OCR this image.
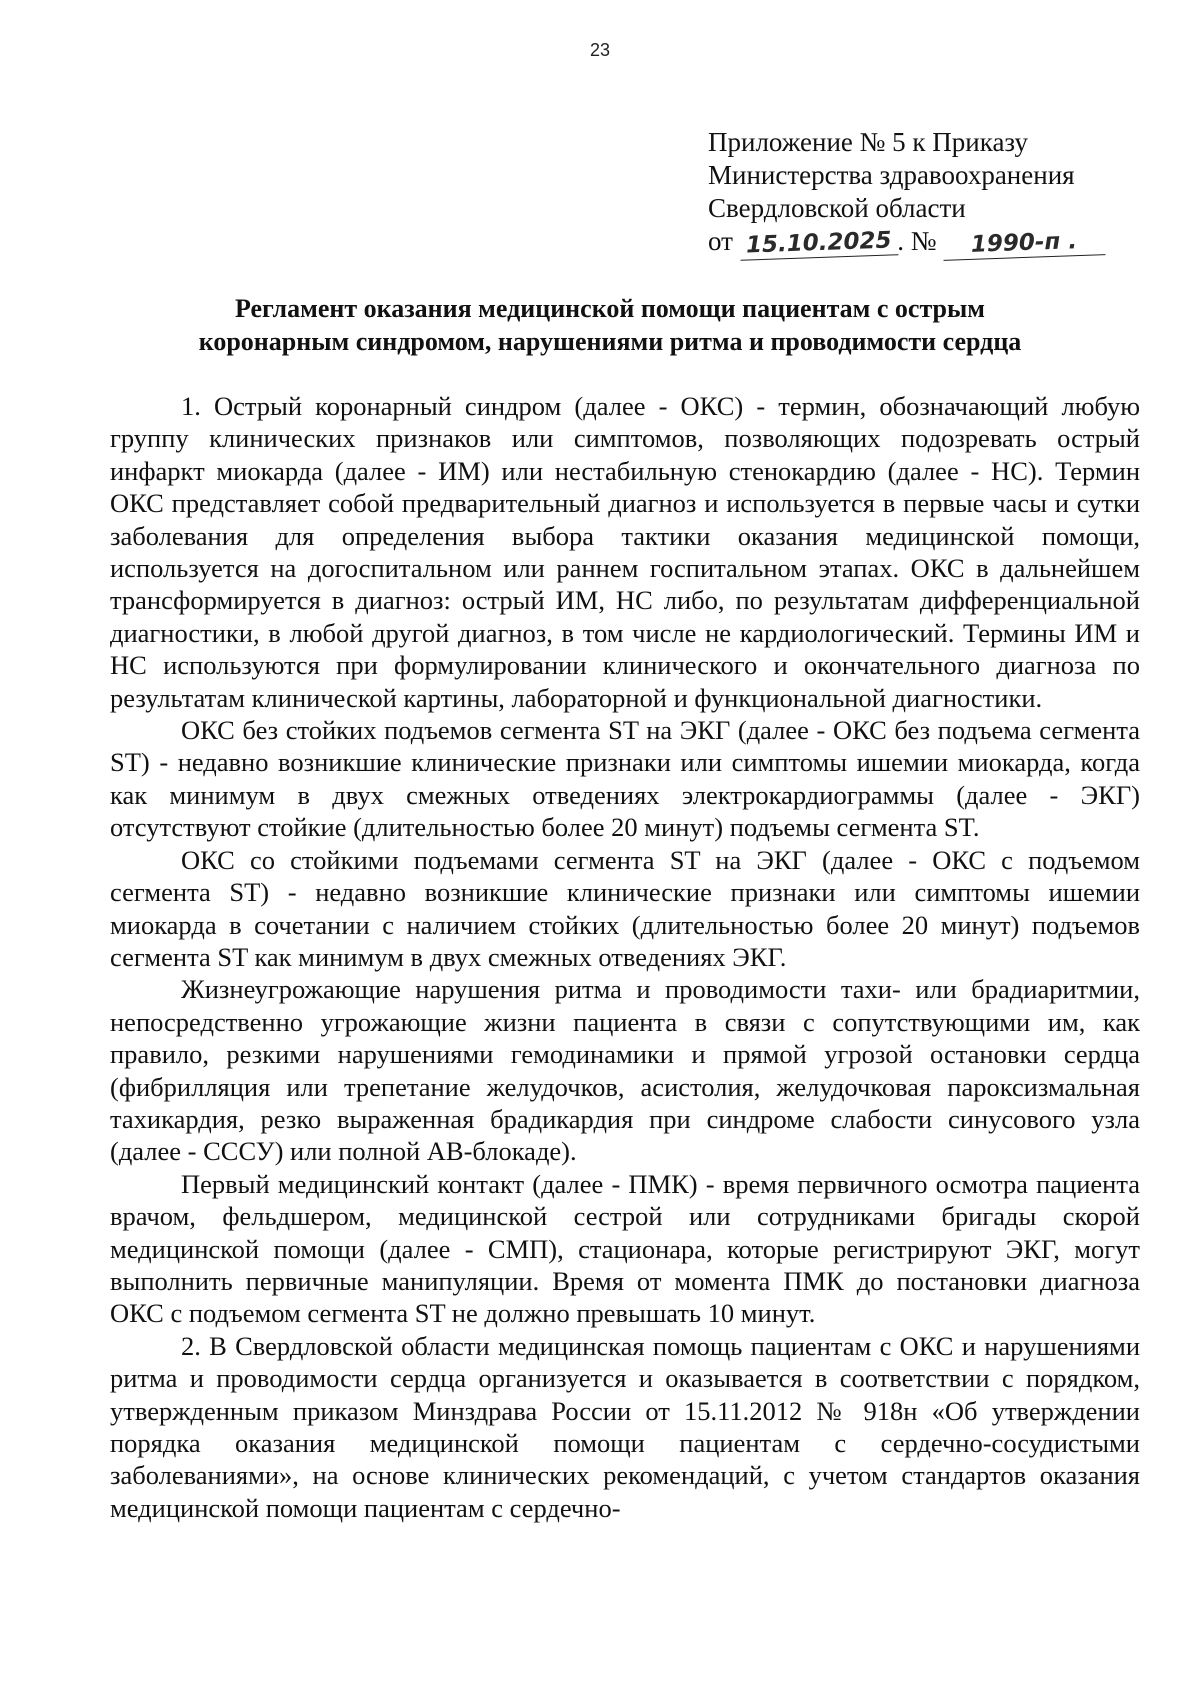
23
Приложение № 5 к Приказу
Министерства здравоохранения
Свердловской области
от 15.10.2025 . № 1990-п .
Регламент оказания медицинской помощи пациентам с острым
коронарным синдромом, нарушениями ритма и проводимости сердца

1. Острый коронарный синдром (далее - ОКС) - термин, обозначающий любую группу клинических признаков или симптомов, позволяющих подозревать острый инфаркт миокарда (далее - ИМ) или нестабильную стенокардию (далее - НС). Термин ОКС представляет собой предварительный диагноз и используется в первые часы и сутки заболевания для определения выбора тактики оказания медицинской помощи, используется на догоспитальном или раннем госпитальном этапах. ОКС в дальнейшем трансформируется в диагноз: острый ИМ, НС либо, по результатам дифференциальной диагностики, в любой другой диагноз, в том числе не кардиологический. Термины ИМ и НС используются при формулировании клинического и окончательного диагноза по результатам клинической картины, лабораторной и функциональной диагностики.

ОКС без стойких подъемов сегмента ST на ЭКГ (далее - ОКС без подъема сегмента ST) - недавно возникшие клинические признаки или симптомы ишемии миокарда, когда как минимум в двух смежных отведениях электрокардиограммы (далее - ЭКГ) отсутствуют стойкие (длительностью более 20 минут) подъемы сегмента ST.

ОКС со стойкими подъемами сегмента ST на ЭКГ (далее - ОКС с подъемом сегмента ST) - недавно возникшие клинические признаки или симптомы ишемии миокарда в сочетании с наличием стойких (длительностью более 20 минут) подъемов сегмента ST как минимум в двух смежных отведениях ЭКГ.

Жизнеугрожающие нарушения ритма и проводимости тахи- или брадиаритмии, непосредственно угрожающие жизни пациента в связи с сопутствующими им, как правило, резкими нарушениями гемодинамики и прямой угрозой остановки сердца (фибрилляция или трепетание желудочков, асистолия, желудочковая пароксизмальная тахикардия, резко выраженная брадикардия при синдроме слабости синусового узла (далее - СССУ) или полной АВ-блокаде).

Первый медицинский контакт (далее - ПМК) - время первичного осмотра пациента врачом, фельдшером, медицинской сестрой или сотрудниками бригады скорой медицинской помощи (далее - СМП), стационара, которые регистрируют ЭКГ, могут выполнить первичные манипуляции. Время от момента ПМК до постановки диагноза ОКС с подъемом сегмента ST не должно превышать 10 минут.

2. В Свердловской области медицинская помощь пациентам с ОКС и нарушениями ритма и проводимости сердца организуется и оказывается в соответствии с порядком, утвержденным приказом Минздрава России от 15.11.2012 № 918н «Об утверждении порядка оказания медицинской помощи пациентам с сердечно-сосудистыми заболеваниями», на основе клинических рекомендаций, с учетом стандартов оказания медицинской помощи пациентам с сердечно-
